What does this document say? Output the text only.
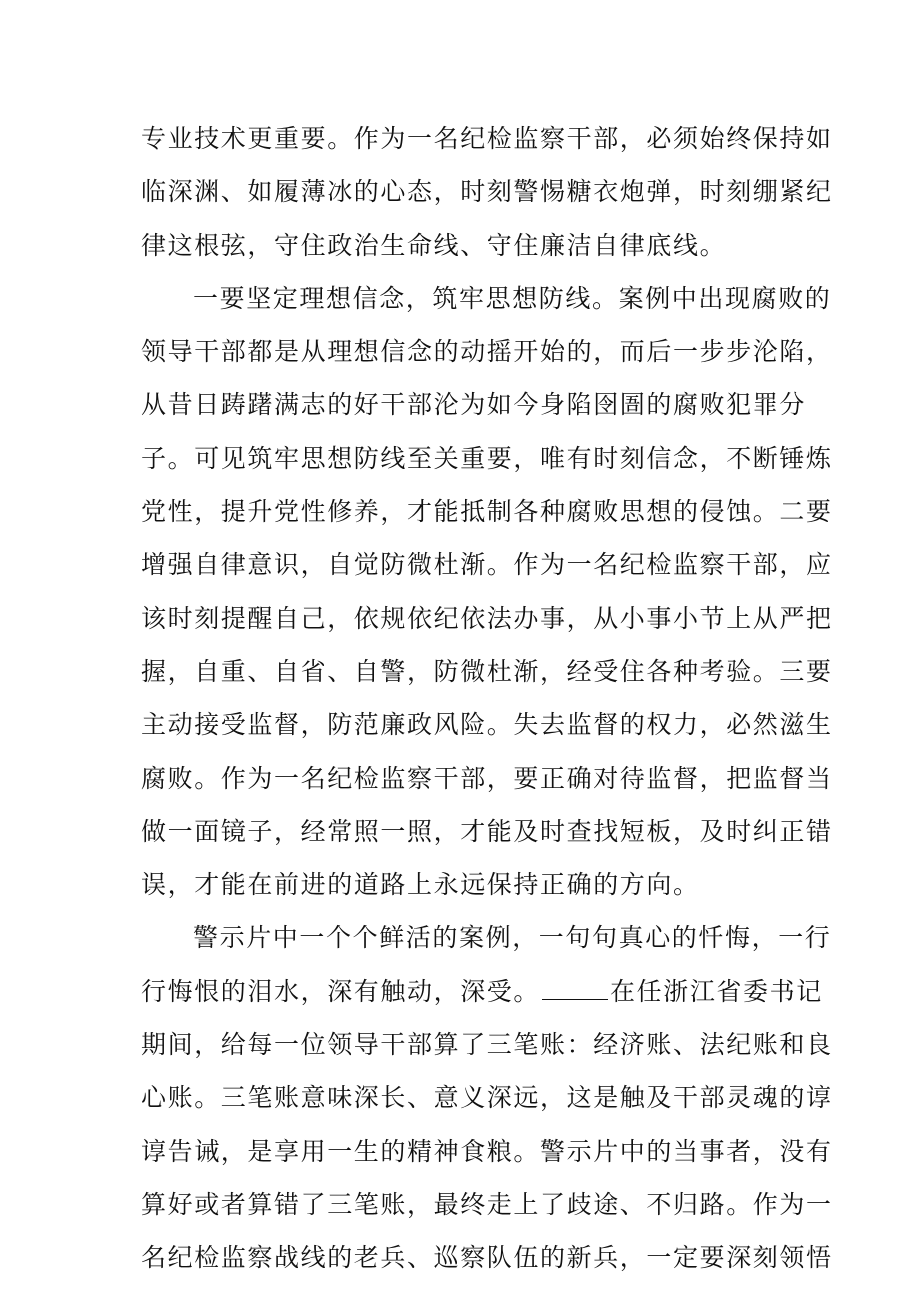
专业技术更重要。作为一名纪检监察干部，必须始终保持如
临深渊、如履薄冰的心态，时刻警惕糖衣炮弹，时刻绷紧纪
律这根弦，守住政治生命线、守住廉洁自律底线。
一要坚定理想信念，筑牢思想防线。案例中出现腐败的
领导干部都是从理想信念的动摇开始的，而后一步步沦陷，
从昔日踌躇满志的好干部沦为如今身陷囹圄的腐败犯罪分
子。可见筑牢思想防线至关重要，唯有时刻信念，不断锤炼
党性，提升党性修养，才能抵制各种腐败思想的侵蚀。二要
增强自律意识，自觉防微杜渐。作为一名纪检监察干部，应
该时刻提醒自己，依规依纪依法办事，从小事小节上从严把
握，自重、自省、自警，防微杜渐，经受住各种考验。三要
主动接受监督，防范廉政风险。失去监督的权力，必然滋生
腐败。作为一名纪检监察干部，要正确对待监督，把监督当
做一面镜子，经常照一照，才能及时查找短板，及时纠正错
误，才能在前进的道路上永远保持正确的方向。
警示片中一个个鲜活的案例，一句句真心的忏悔，一行
行悔恨的泪水，深有触动，深受。	在任浙江省委书记
期间，给每一位领导干部算了三笔账：经济账、法纪账和良
心账。三笔账意味深长、意义深远，这是触及干部灵魂的谆
谆告诫，是享用一生的精神食粮。警示片中的当事者，没有
算好或者算错了三笔账，最终走上了歧途、不归路。作为一
名纪检监察战线的老兵、巡察队伍的新兵，一定要深刻领悟
